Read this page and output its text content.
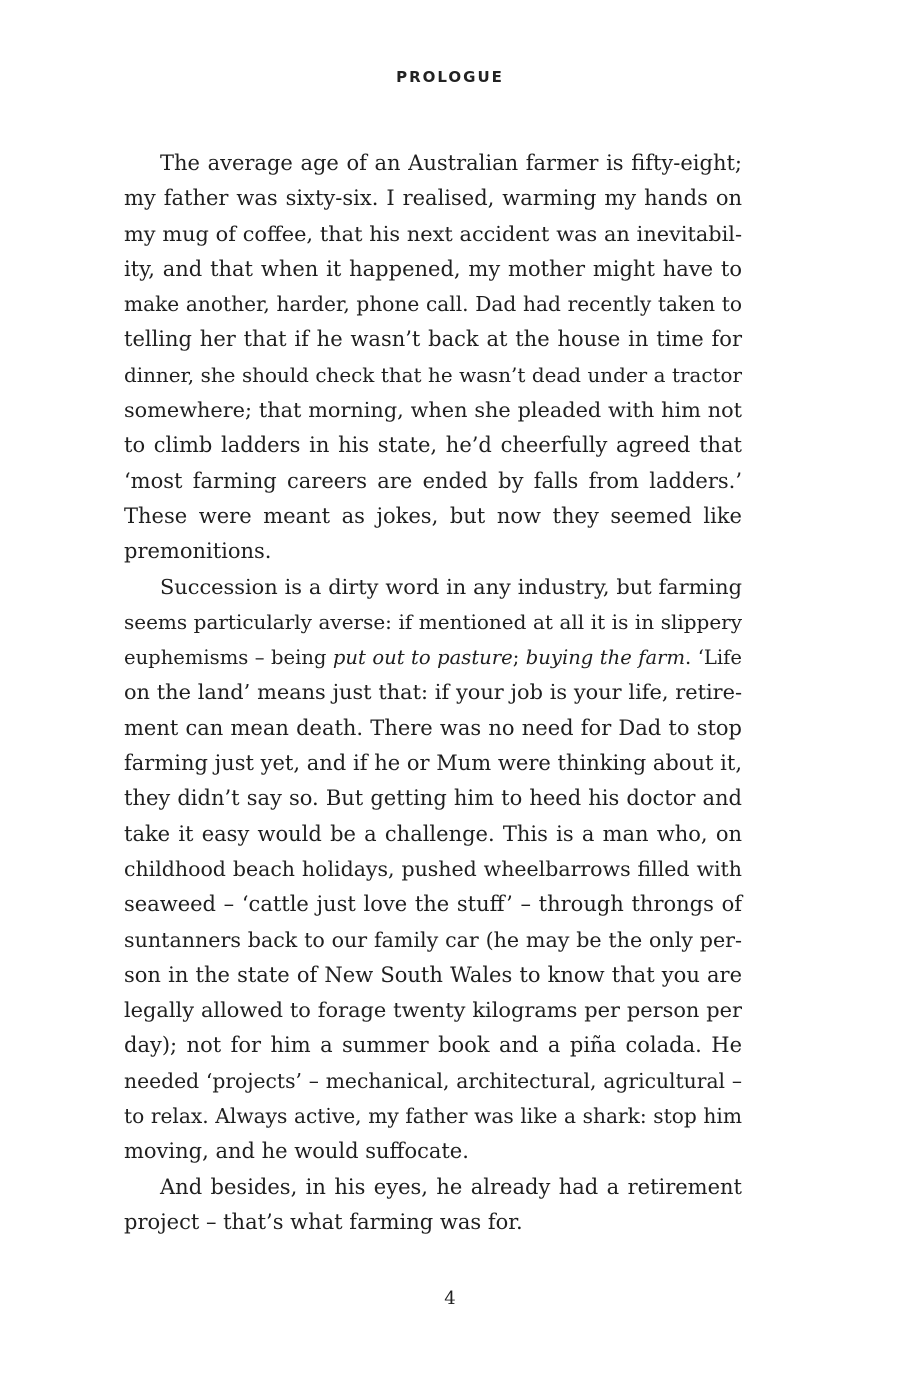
PROLOGUE
The average age of an Australian farmer is fifty-eight;
my father was sixty-six. I realised, warming my hands on
my mug of coffee, that his next accident was an inevitabil-
ity, and that when it happened, my mother might have to
make another, harder, phone call. Dad had recently taken to
telling her that if he wasn’t back at the house in time for
dinner, she should check that he wasn’t dead under a tractor
somewhere; that morning, when she pleaded with him not
to climb ladders in his state, he’d cheerfully agreed that
‘most farming careers are ended by falls from ladders.’
These were meant as jokes, but now they seemed like
premonitions.
Succession is a dirty word in any industry, but farming
seems particularly averse: if mentioned at all it is in slippery
euphemisms – being put out to pasture; buying the farm. ‘Life
on the land’ means just that: if your job is your life, retire-
ment can mean death. There was no need for Dad to stop
farming just yet, and if he or Mum were thinking about it,
they didn’t say so. But getting him to heed his doctor and
take it easy would be a challenge. This is a man who, on
childhood beach holidays, pushed wheelbarrows filled with
seaweed – ‘cattle just love the stuff’ – through throngs of
suntanners back to our family car (he may be the only per-
son in the state of New South Wales to know that you are
legally allowed to forage twenty kilograms per person per
day); not for him a summer book and a piña colada. He
needed ‘projects’ – mechanical, architectural, agricultural –
to relax. Always active, my father was like a shark: stop him
moving, and he would suffocate.
And besides, in his eyes, he already had a retirement
project – that’s what farming was for.
4
